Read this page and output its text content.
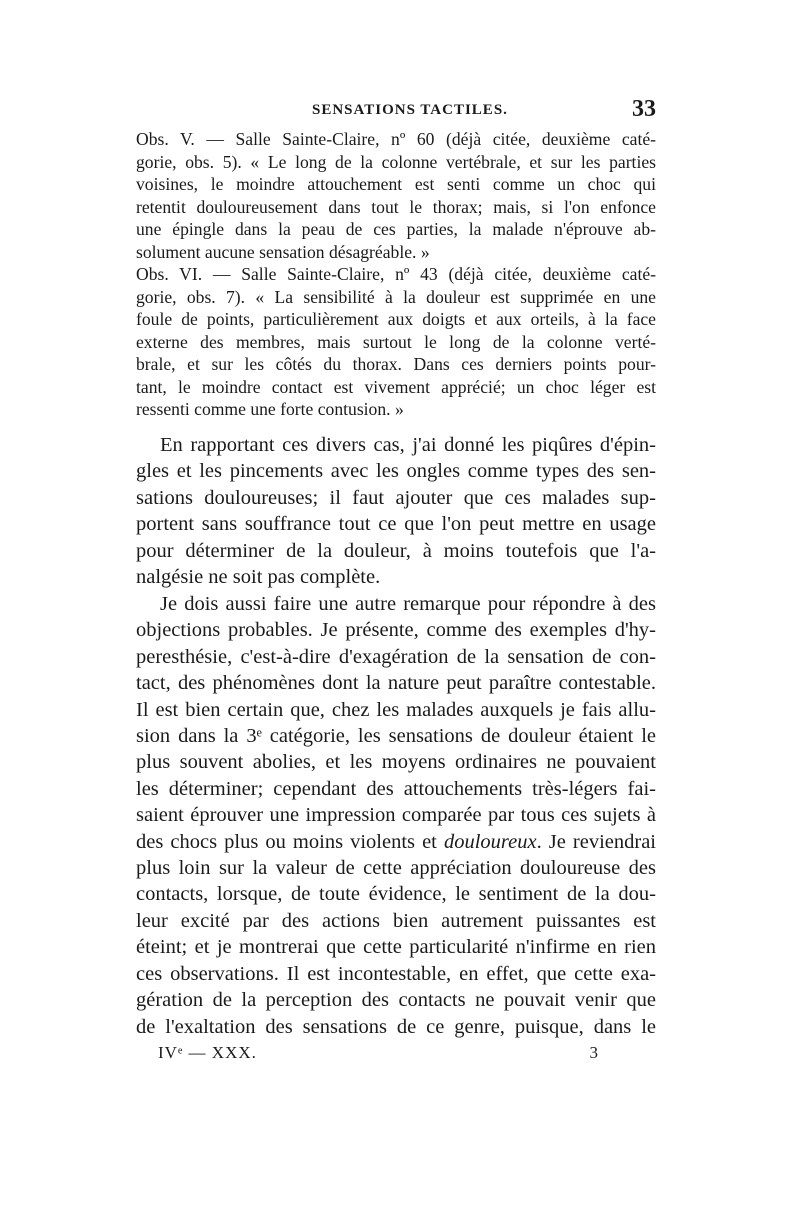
SENSATIONS TACTILES.	33
Obs. V. — Salle Sainte-Claire, nº 60 (déjà citée, deuxième caté-
gorie, obs. 5). « Le long de la colonne vertébrale, et sur les parties
voisines, le moindre attouchement est senti comme un choc qui
retentit douloureusement dans tout le thorax; mais, si l'on enfonce
une épingle dans la peau de ces parties, la malade n'éprouve ab-
solument aucune sensation désagréable. »
Obs. VI. — Salle Sainte-Claire, nº 43 (déjà citée, deuxième caté-
gorie, obs. 7). « La sensibilité à la douleur est supprimée en une
foule de points, particulièrement aux doigts et aux orteils, à la face
externe des membres, mais surtout le long de la colonne verté-
brale, et sur les côtés du thorax. Dans ces derniers points pour-
tant, le moindre contact est vivement apprécié; un choc léger est
ressenti comme une forte contusion. »
En rapportant ces divers cas, j'ai donné les piqûres d'épin-
gles et les pincements avec les ongles comme types des sen-
sations douloureuses; il faut ajouter que ces malades sup-
portent sans souffrance tout ce que l'on peut mettre en usage
pour déterminer de la douleur, à moins toutefois que l'a-
nalgésie ne soit pas complète.
Je dois aussi faire une autre remarque pour répondre à des
objections probables. Je présente, comme des exemples d'hy-
peresthésie, c'est-à-dire d'exagération de la sensation de con-
tact, des phénomènes dont la nature peut paraître contestable.
Il est bien certain que, chez les malades auxquels je fais allu-
sion dans la 3ᵉ catégorie, les sensations de douleur étaient le
plus souvent abolies, et les moyens ordinaires ne pouvaient
les déterminer; cependant des attouchements très-légers fai-
saient éprouver une impression comparée par tous ces sujets à
des chocs plus ou moins violents et douloureux. Je reviendrai
plus loin sur la valeur de cette appréciation douloureuse des
contacts, lorsque, de toute évidence, le sentiment de la dou-
leur excité par des actions bien autrement puissantes est
éteint; et je montrerai que cette particularité n'infirme en rien
ces observations. Il est incontestable, en effet, que cette exa-
gération de la perception des contacts ne pouvait venir que
de l'exaltation des sensations de ce genre, puisque, dans le
IVᵉ — XXX.	3
